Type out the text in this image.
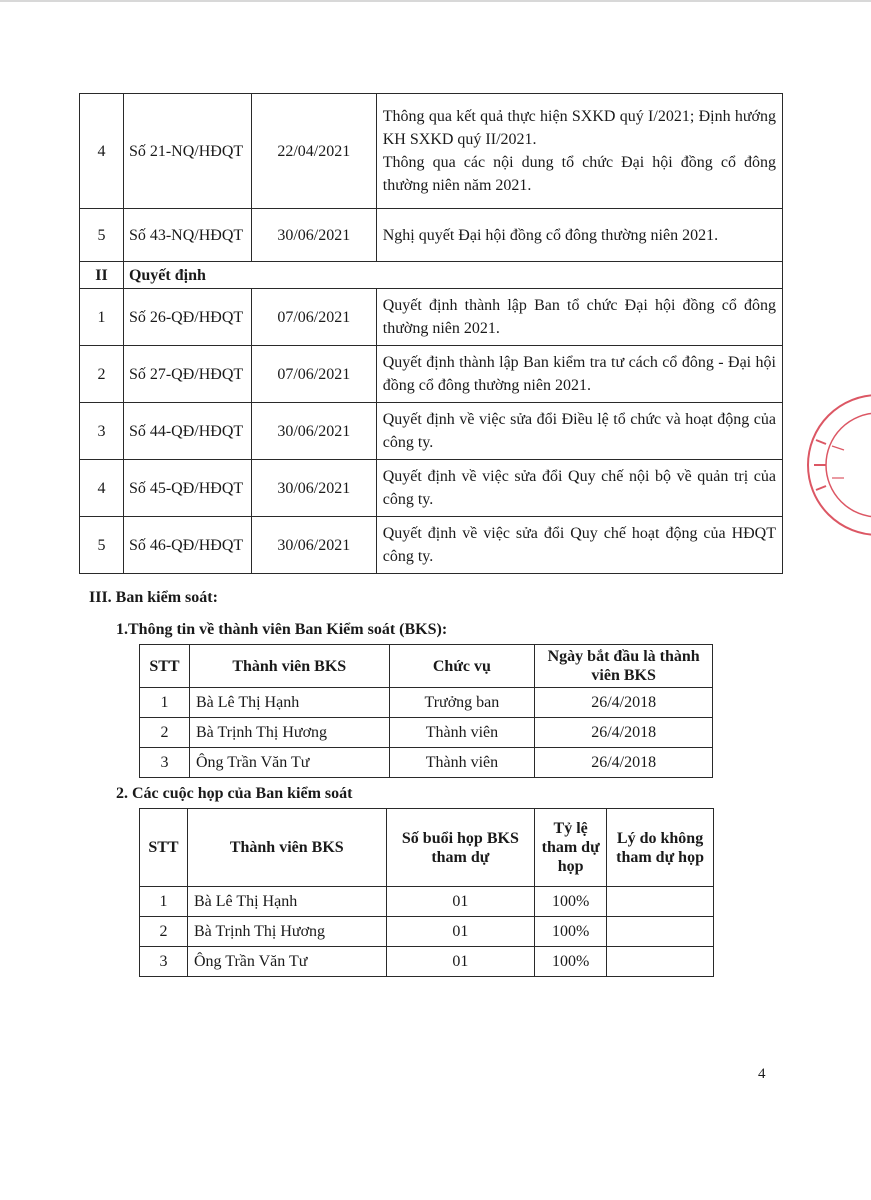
4	Số 21-NQ/HĐQT	22/04/2021	Thông qua kết quả thực hiện SXKD quý I/2021; Định hướng KH SXKD quý II/2021.
Thông qua các nội dung tổ chức Đại hội đồng cổ đông thường niên năm 2021.

5	Số 43-NQ/HĐQT	30/06/2021	Nghị quyết Đại hội đồng cổ đông thường niên 2021.
II	Quyết định		
1	Số 26-QĐ/HĐQT	07/06/2021	Quyết định thành lập Ban tổ chức Đại hội đồng cổ đông thường niên 2021.
2	Số 27-QĐ/HĐQT	07/06/2021	Quyết định thành lập Ban kiểm tra tư cách cổ đông - Đại hội đồng cổ đông thường niên 2021.
3	Số 44-QĐ/HĐQT	30/06/2021	Quyết định về việc sửa đổi Điều lệ tổ chức và hoạt động của công ty.
4	Số 45-QĐ/HĐQT	30/06/2021	Quyết định về việc sửa đổi Quy chế nội bộ về quản trị của công ty.
5	Số 46-QĐ/HĐQT	30/06/2021	Quyết định về việc sửa đổi Quy chế hoạt động của HĐQT công ty.
III. Ban kiểm soát:
1.Thông tin về thành viên Ban Kiểm soát (BKS):
STT	Thành viên BKS	Chức vụ	Ngày bắt đầu là thành viên BKS
1	Bà Lê Thị Hạnh	Trưởng ban	26/4/2018
2	Bà Trịnh Thị Hương	Thành viên	26/4/2018
3	Ông Trần Văn Tư	Thành viên	26/4/2018
2. Các cuộc họp của Ban kiểm soát
STT	Thành viên BKS	Số buổi họp BKS tham dự	Tỷ lệ tham dự họp	Lý do không tham dự họp
1	Bà Lê Thị Hạnh	01	100%	
2	Bà Trịnh Thị Hương	01	100%	
3	Ông Trần Văn Tư	01	100%	
4
